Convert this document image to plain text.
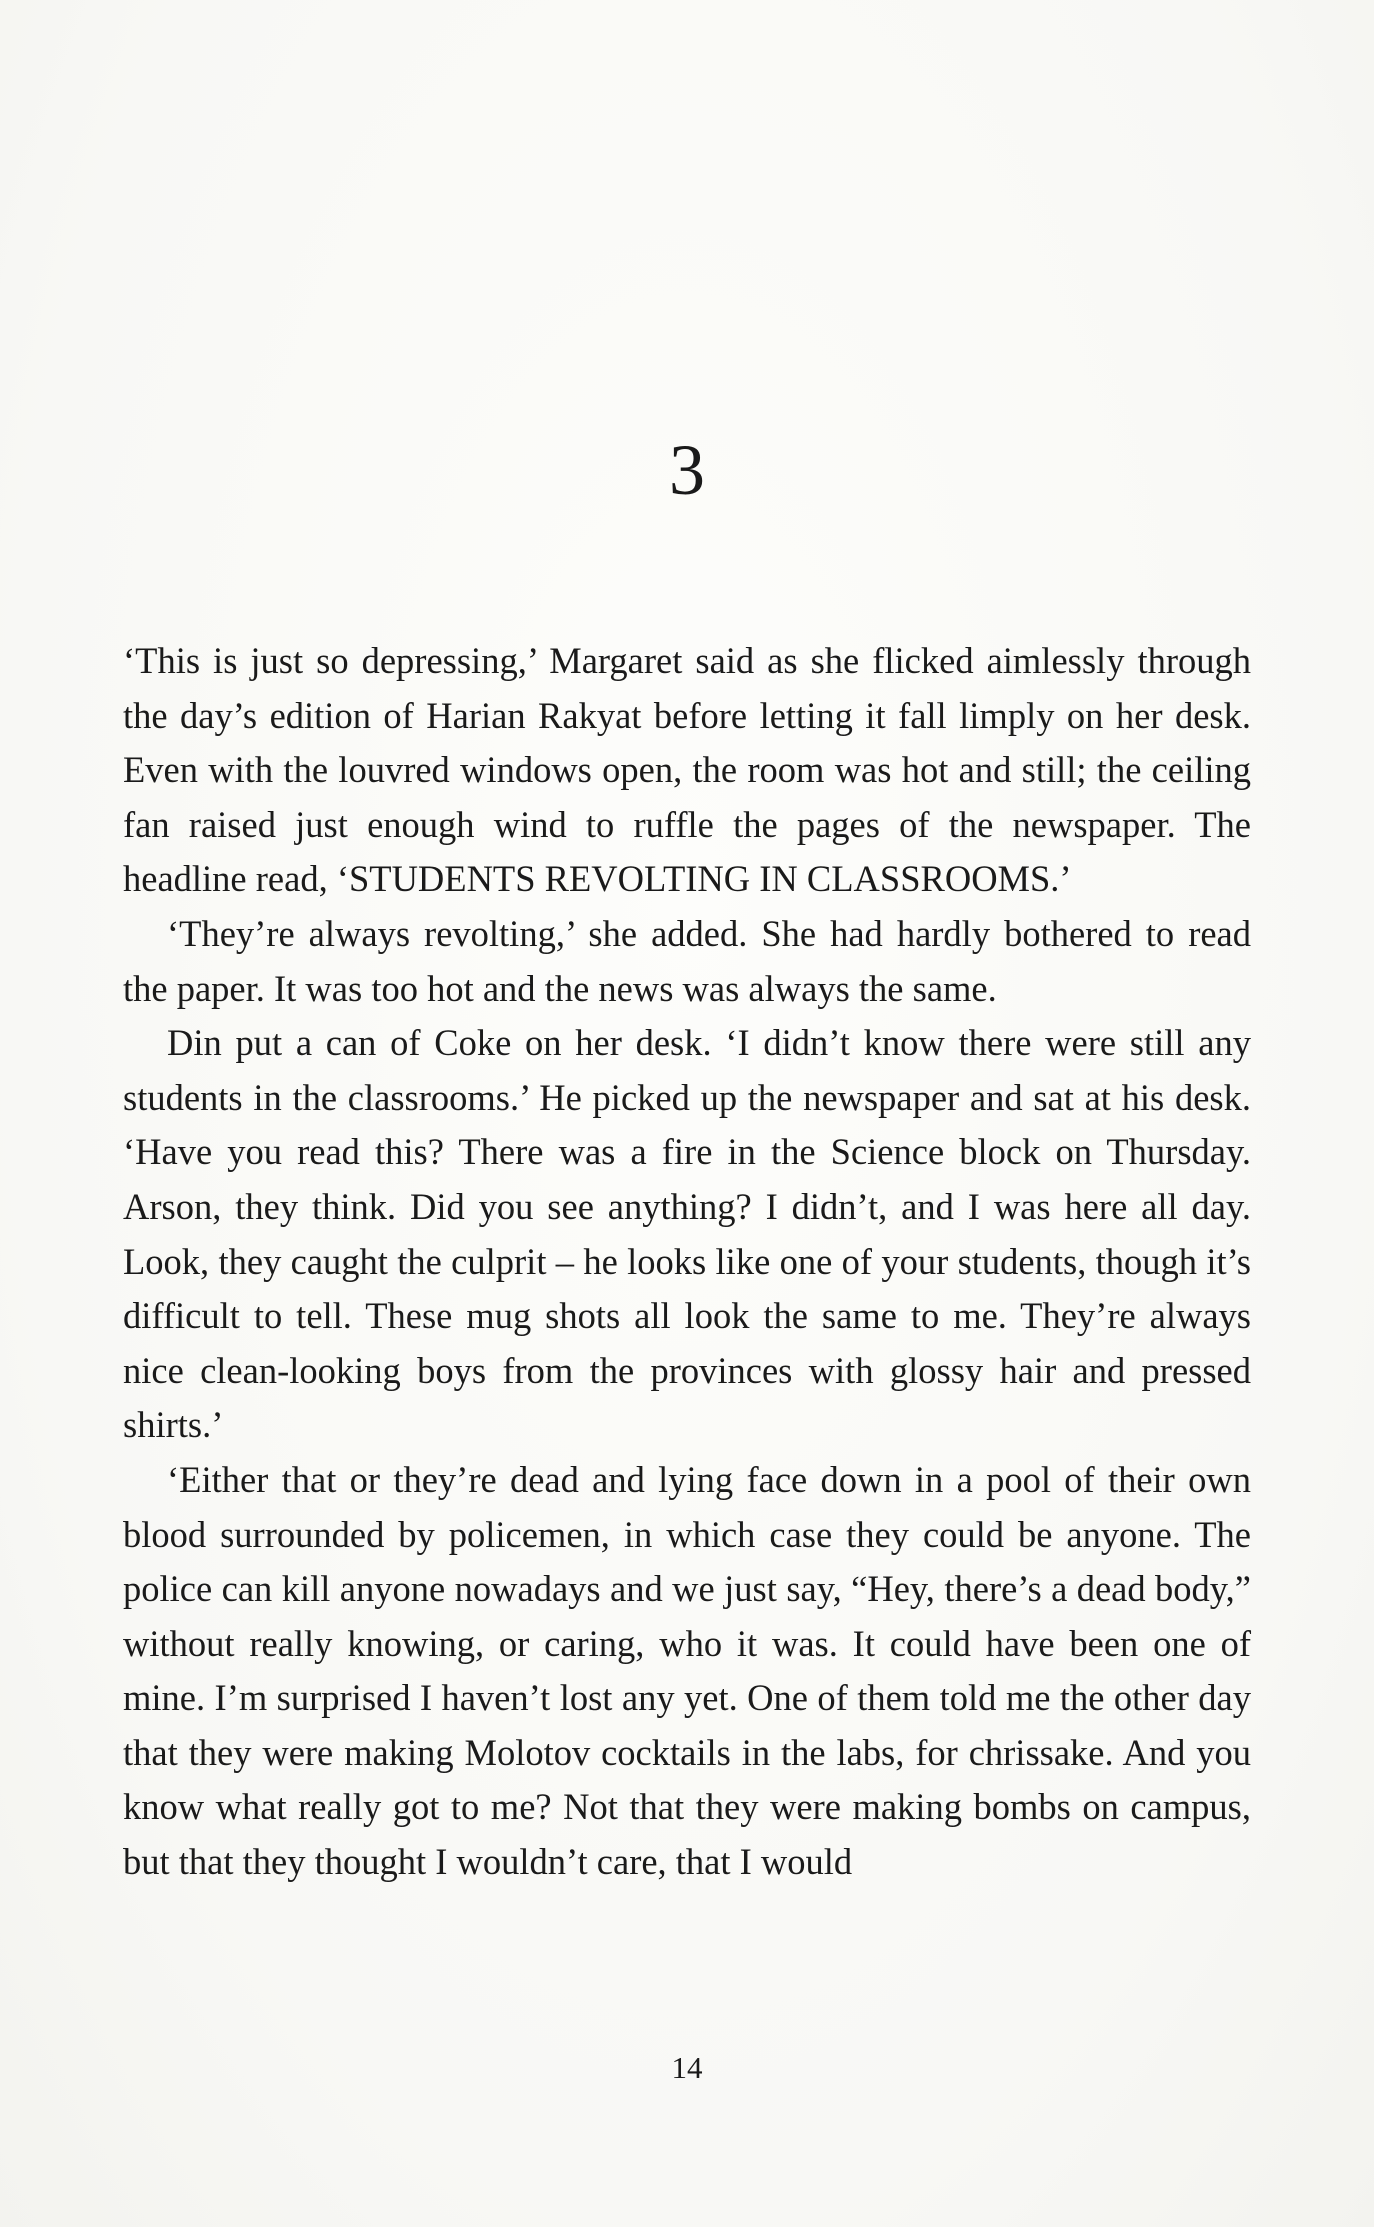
3

‘This is just so depressing,’ Margaret said as she flicked aimlessly through the day’s edition of Harian Rakyat before letting it fall limply on her desk. Even with the louvred windows open, the room was hot and still; the ceiling fan raised just enough wind to ruffle the pages of the newspaper. The headline read, ‘STUDENTS REVOLTING IN CLASSROOMS.’

‘They’re always revolting,’ she added. She had hardly bothered to read the paper. It was too hot and the news was always the same.

Din put a can of Coke on her desk. ‘I didn’t know there were still any students in the classrooms.’ He picked up the newspaper and sat at his desk. ‘Have you read this? There was a fire in the Science block on Thursday. Arson, they think. Did you see anything? I didn’t, and I was here all day. Look, they caught the culprit – he looks like one of your students, though it’s difficult to tell. These mug shots all look the same to me. They’re always nice clean-looking boys from the provinces with glossy hair and pressed shirts.’

‘Either that or they’re dead and lying face down in a pool of their own blood surrounded by policemen, in which case they could be anyone. The police can kill anyone nowadays and we just say, “Hey, there’s a dead body,” without really knowing, or caring, who it was. It could have been one of mine. I’m surprised I haven’t lost any yet. One of them told me the other day that they were making Molotov cocktails in the labs, for chrissake. And you know what really got to me? Not that they were making bombs on campus, but that they thought I wouldn’t care, that I would

14
